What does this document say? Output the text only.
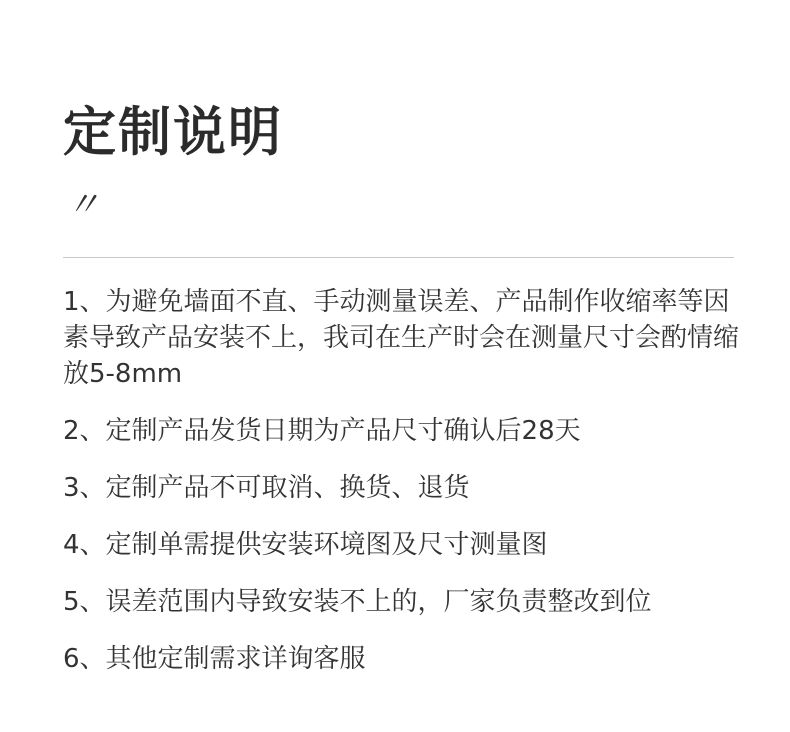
定制说明
〃
1、为避免墙面不直、手动测量误差、产品制作收缩率等因素导致产品安装不上，我司在生产时会在测量尺寸会酌情缩放5-8mm
2、定制产品发货日期为产品尺寸确认后28天
3、定制产品不可取消、换货、退货
4、定制单需提供安装环境图及尺寸测量图
5、误差范围内导致安装不上的，厂家负责整改到位
6、其他定制需求详询客服
